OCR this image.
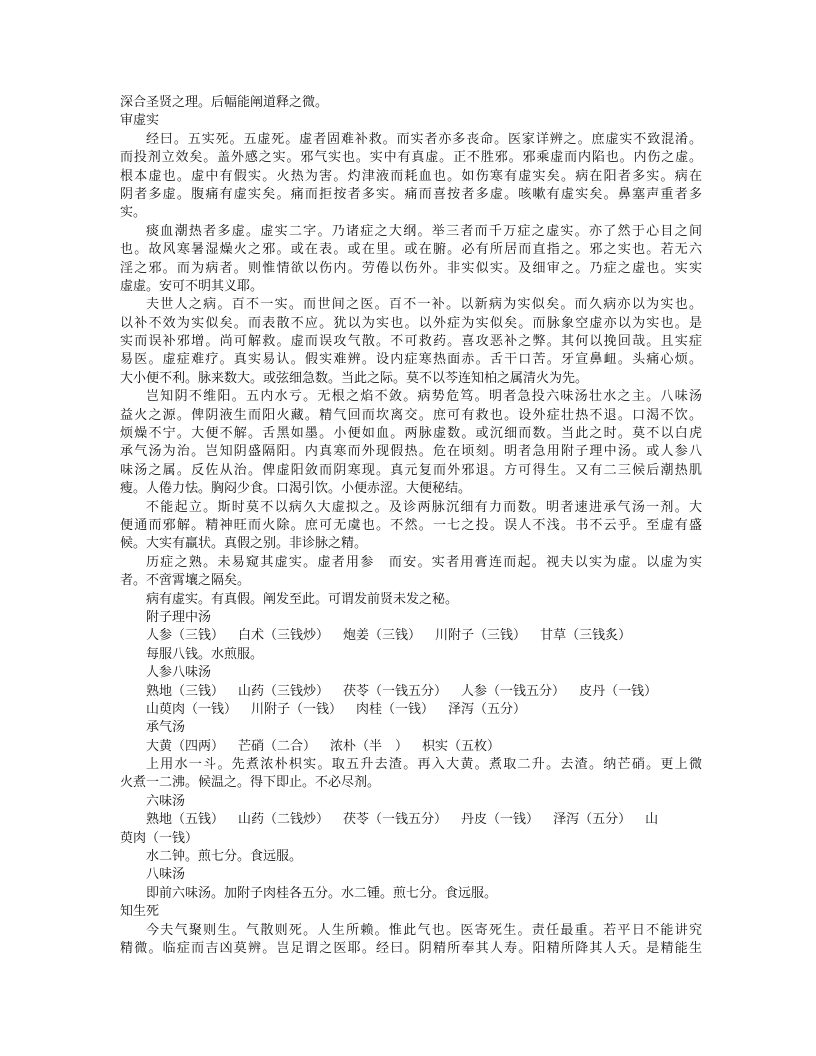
深合圣贤之理。后幅能阐道释之微。
审虚实
经曰。五实死。五虚死。虚者固难补救。而实者亦多丧命。医家详辨之。庶虚实不致混淆。
而投剂立效矣。盖外感之实。邪气实也。实中有真虚。正不胜邪。邪乘虚而内陷也。内伤之虚。
根本虚也。虚中有假实。火热为害。灼津液而耗血也。如伤寒有虚实矣。病在阳者多实。病在
阴者多虚。腹痛有虚实矣。痛而拒按者多实。痛而喜按者多虚。咳嗽有虚实矣。鼻塞声重者多
实。
痰血潮热者多虚。虚实二字。乃诸症之大纲。举三者而千万症之虚实。亦了然于心目之间
也。故风寒暑湿燥火之邪。或在表。或在里。或在腑。必有所居而直指之。邪之实也。若无六
淫之邪。而为病者。则惟情欲以伤内。劳倦以伤外。非实似实。及细审之。乃症之虚也。实实
虚虚。安可不明其义耶。
夫世人之病。百不一实。而世间之医。百不一补。以新病为实似矣。而久病亦以为实也。
以补不效为实似矣。而表散不应。犹以为实也。以外症为实似矣。而脉象空虚亦以为实也。是
实而误补邪增。尚可解救。虚而误攻气散。不可救药。喜攻恶补之弊。其何以挽回哉。且实症
易医。虚症难疗。真实易认。假实难辨。设内症寒热面赤。舌干口苦。牙宣鼻衄。头痛心烦。
大小便不利。脉来数大。或弦细急数。当此之际。莫不以芩连知柏之属清火为先。
岂知阴不维阳。五内水亏。无根之焰不敛。病势危笃。明者急投六味汤壮水之主。八味汤
益火之源。俾阴液生而阳火藏。精气回而坎离交。庶可有救也。设外症壮热不退。口渴不饮。
烦燥不宁。大便不解。舌黑如墨。小便如血。两脉虚数。或沉细而数。当此之时。莫不以白虎
承气汤为治。岂知阴盛隔阳。内真寒而外现假热。危在顷刻。明者急用附子理中汤。或人参八
味汤之属。反佐从治。俾虚阳敛而阴寒现。真元复而外邪退。方可得生。又有二三候后潮热肌
瘦。人倦力怯。胸闷少食。口渴引饮。小便赤涩。大便秘结。
不能起立。斯时莫不以病久大虚拟之。及诊两脉沉细有力而数。明者速进承气汤一剂。大
便通而邪解。精神旺而火除。庶可无虞也。不然。一七之投。误人不浅。书不云乎。至虚有盛
候。大实有羸状。真假之别。非诊脉之精。
历症之熟。未易窥其虚实。虚者用参　而安。实者用膏连而起。视夫以实为虚。以虚为实
者。不啻霄壤之隔矣。
病有虚实。有真假。阐发至此。可谓发前贤未发之秘。
附子理中汤
人参（三钱） 白术（三钱炒） 炮姜（三钱） 川附子（三钱） 甘草（三钱炙）
每服八钱。水煎服。
人参八味汤
熟地（三钱） 山药（三钱炒） 茯苓（一钱五分） 人参（一钱五分） 皮丹（一钱）
山萸肉（一钱） 川附子（一钱） 肉桂（一钱） 泽泻（五分）
承气汤
大黄（四两） 芒硝（二合） 浓朴（半　） 枳实（五枚）
上用水一斗。先煮浓朴枳实。取五升去渣。再入大黄。煮取二升。去渣。纳芒硝。更上微
火煮一二沸。候温之。得下即止。不必尽剂。
六味汤
熟地（五钱） 山药（二钱炒） 茯苓（一钱五分） 丹皮（一钱） 泽泻（五分） 山
萸肉（一钱）
水二钟。煎七分。食远服。
八味汤
即前六味汤。加附子肉桂各五分。水二锺。煎七分。食远服。
知生死
今夫气聚则生。气散则死。人生所赖。惟此气也。医寄死生。责任最重。若平日不能讲究
精微。临症而吉凶莫辨。岂足谓之医耶。经曰。阴精所奉其人寿。阳精所降其人夭。是精能生
